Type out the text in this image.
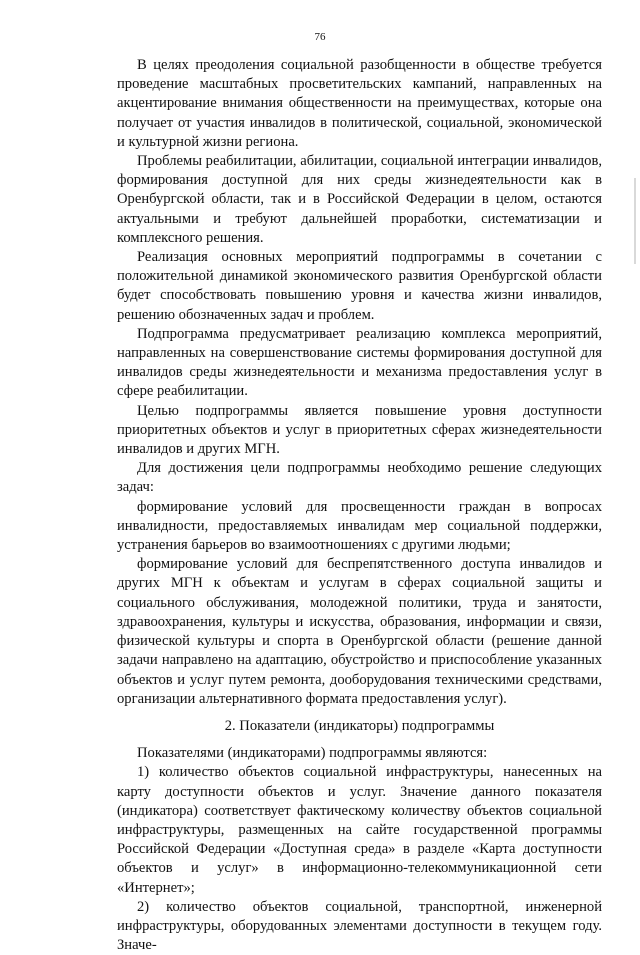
76

В целях преодоления социальной разобщенности в обществе требуется проведение масштабных просветительских кампаний, направленных на акцентирование внимания общественности на преимуществах, которые она получает от участия инвалидов в политической, социальной, экономической и культурной жизни региона.

Проблемы реабилитации, абилитации, социальной интеграции инвалидов, формирования доступной для них среды жизнедеятельности как в Оренбургской области, так и в Российской Федерации в целом, остаются актуальными и требуют дальнейшей проработки, систематизации и комплексного решения.

Реализация основных мероприятий подпрограммы в сочетании с положительной динамикой экономического развития Оренбургской области будет способствовать повышению уровня и качества жизни инвалидов, решению обозначенных задач и проблем.

Подпрограмма предусматривает реализацию комплекса мероприятий, направленных на совершенствование системы формирования доступной для инвалидов среды жизнедеятельности и механизма предоставления услуг в сфере реабилитации.

Целью подпрограммы является повышение уровня доступности приоритетных объектов и услуг в приоритетных сферах жизнедеятельности инвалидов и других МГН.

Для достижения цели подпрограммы необходимо решение следующих задач:

формирование условий для просвещенности граждан в вопросах инвалидности, предоставляемых инвалидам мер социальной поддержки, устранения барьеров во взаимоотношениях с другими людьми;

формирование условий для беспрепятственного доступа инвалидов и других МГН к объектам и услугам в сферах социальной защиты и социального обслуживания, молодежной политики, труда и занятости, здравоохранения, культуры и искусства, образования, информации и связи, физической культуры и спорта в Оренбургской области (решение данной задачи направлено на адаптацию, обустройство и приспособление указанных объектов и услуг путем ремонта, дооборудования техническими средствами, организации альтернативного формата предоставления услуг).

2. Показатели (индикаторы) подпрограммы

Показателями (индикаторами) подпрограммы являются:

1) количество объектов социальной инфраструктуры, нанесенных на карту доступности объектов и услуг. Значение данного показателя (индикатора) соответствует фактическому количеству объектов социальной инфраструктуры, размещенных на сайте государственной программы Российской Федерации «Доступная среда» в разделе «Карта доступности объектов и услуг» в информационно-телекоммуникационной сети «Интернет»;

2) количество объектов социальной, транспортной, инженерной инфраструктуры, оборудованных элементами доступности в текущем году. Значе-
